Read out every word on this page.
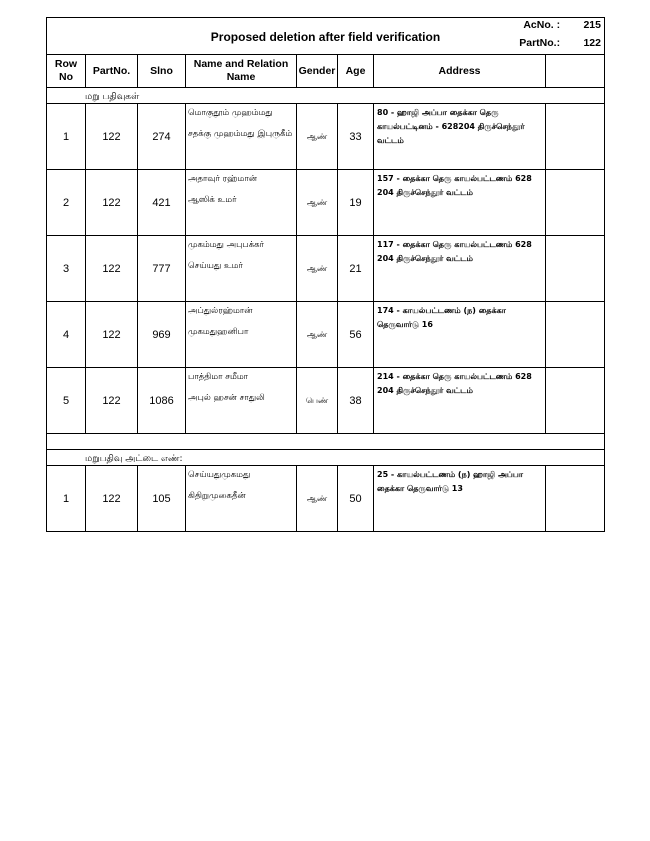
Proposed deletion after field verification
AcNo. : 215
PartNo.: 122
Row No	PartNo.	Slno	Name and Relation Name	Gender	Age	Address	
மறு பதிவுகள்							
1	122	274	மொகுதூம் முஹம்மது
சதக்கு முஹம்மது இபுருகீம்	ஆண்	33	80 - ஹாஜி அப்பா தைக்கா தெரு காயல்பட்டினம் - 628204 திருச்செந்தூர் வட்டம்	
2	122	421	அதாவுர் ரஹ்மான்
ஆஸிக் உமர்	ஆண்	19	157 - தைக்கா தெரு காயல்பட்டணம் 628 204 திருச்செந்தூர் வட்டம்	
3	122	777	முகம்மது அபுபக்கர்
செய்யது உமர்	ஆண்	21	117 - தைக்கா தெரு காயல்பட்டணம் 628 204 திருச்செந்தூர் வட்டம்	
4	122	969	அப்துல்ரஹ்மான்
முகமதுஹனிபா	ஆண்	56	174 - காயல்பட்டணம் (ந) தைக்கா தெருவார்டு 16	
5	122	1086	பாத்திமா சமீமா
அபுல் ஹசன் சாதுலி	பெண்	38	214 - தைக்கா தெரு காயல்பட்டணம் 628 204 திருச்செந்தூர் வட்டம்	

மறுபதிவு அட்டை எண்:							
1	122	105	செய்யதுமுகமது
கிதிறுமுகைதீன்	ஆண்	50	25 - காயல்பட்டணம் (ந) ஹாஜி அப்பா தைக்கா தெருவார்டு 13	
